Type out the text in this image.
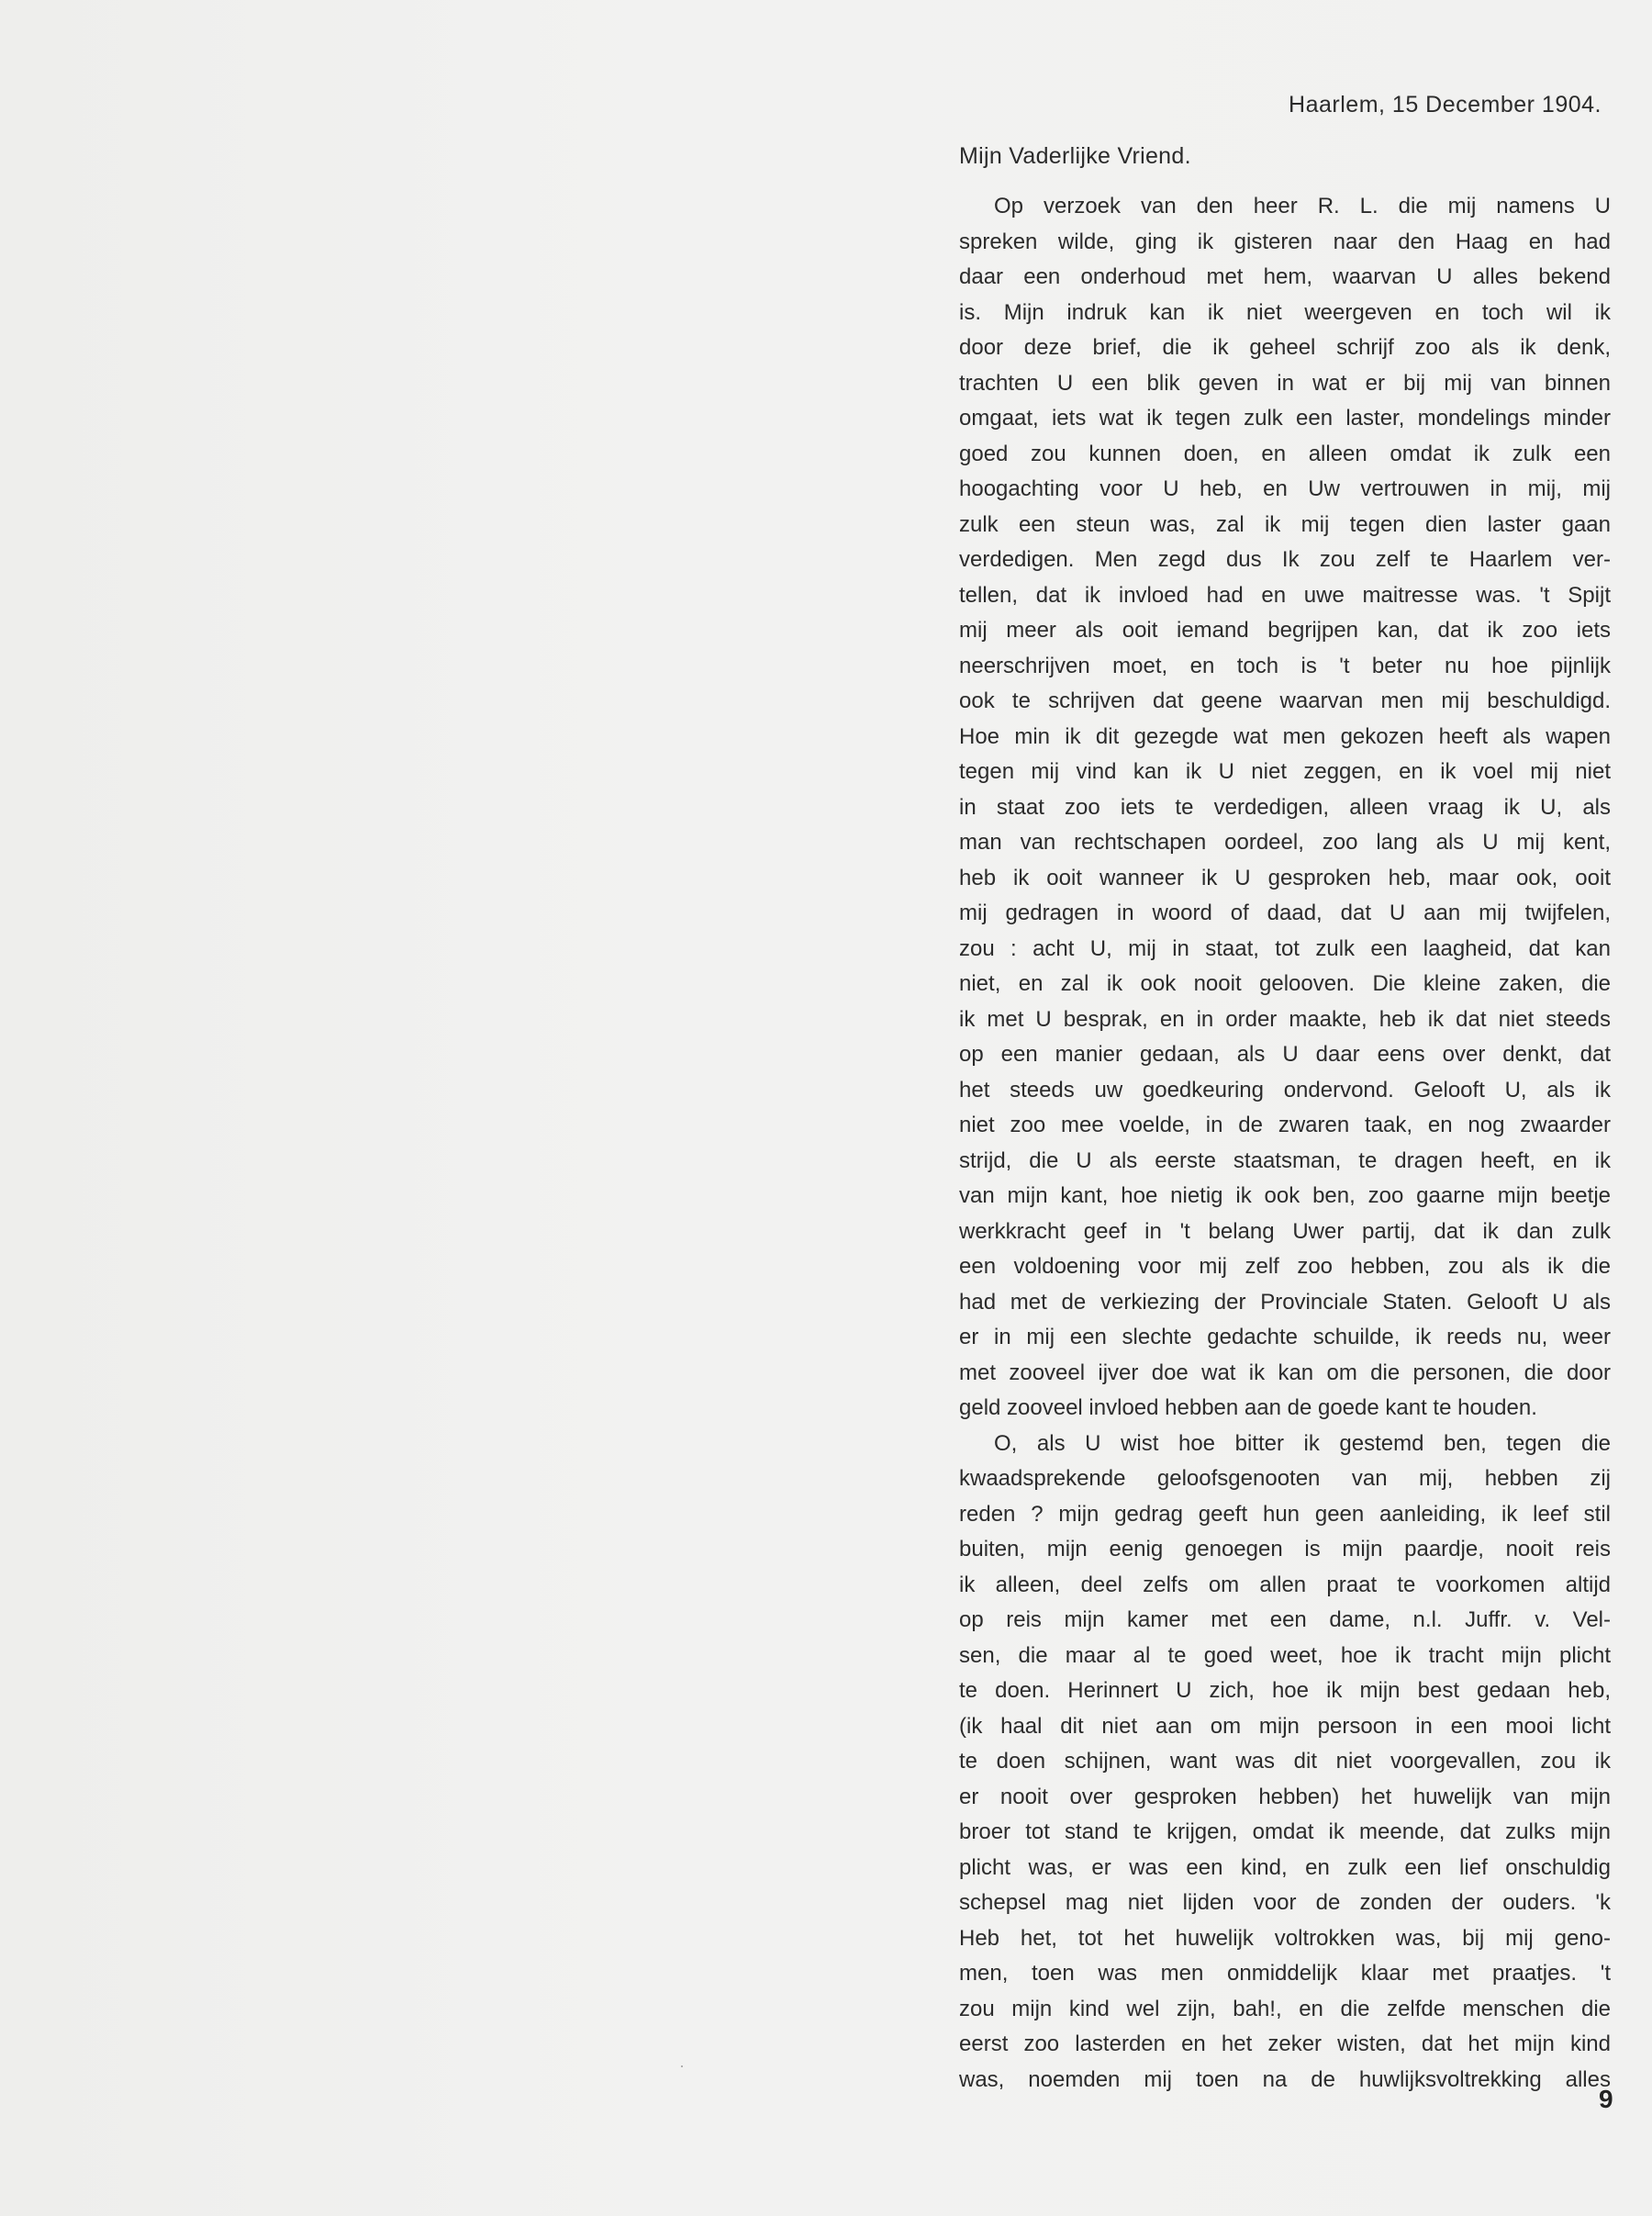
Haarlem, 15 December 1904.
Mijn Vaderlijke Vriend.
Op verzoek van den heer R. L. die mij namens U
spreken wilde, ging ik gisteren naar den Haag en had
daar een onderhoud met hem, waarvan U alles bekend
is. Mijn indruk kan ik niet weergeven en toch wil ik
door deze brief, die ik geheel schrijf zoo als ik denk,
trachten U een blik geven in wat er bij mij van binnen
omgaat, iets wat ik tegen zulk een laster, mondelings minder
goed zou kunnen doen, en alleen omdat ik zulk een
hoogachting voor U heb, en Uw vertrouwen in mij, mij
zulk een steun was, zal ik mij tegen dien laster gaan
verdedigen. Men zegd dus Ik zou zelf te Haarlem ver-
tellen, dat ik invloed had en uwe maitresse was. 't Spijt
mij meer als ooit iemand begrijpen kan, dat ik zoo iets
neerschrijven moet, en toch is 't beter nu hoe pijnlijk
ook te schrijven dat geene waarvan men mij beschuldigd.
Hoe min ik dit gezegde wat men gekozen heeft als wapen
tegen mij vind kan ik U niet zeggen, en ik voel mij niet
in staat zoo iets te verdedigen, alleen vraag ik U, als
man van rechtschapen oordeel, zoo lang als U mij kent,
heb ik ooit wanneer ik U gesproken heb, maar ook, ooit
mij gedragen in woord of daad, dat U aan mij twijfelen,
zou : acht U, mij in staat, tot zulk een laagheid, dat kan
niet, en zal ik ook nooit gelooven. Die kleine zaken, die
ik met U besprak, en in order maakte, heb ik dat niet steeds
op een manier gedaan, als U daar eens over denkt, dat
het steeds uw goedkeuring ondervond. Gelooft U, als ik
niet zoo mee voelde, in de zwaren taak, en nog zwaarder
strijd, die U als eerste staatsman, te dragen heeft, en ik
van mijn kant, hoe nietig ik ook ben, zoo gaarne mijn beetje
werkkracht geef in 't belang Uwer partij, dat ik dan zulk
een voldoening voor mij zelf zoo hebben, zou als ik die
had met de verkiezing der Provinciale Staten. Gelooft U als
er in mij een slechte gedachte schuilde, ik reeds nu, weer
met zooveel ijver doe wat ik kan om die personen, die door
geld zooveel invloed hebben aan de goede kant te houden.
O, als U wist hoe bitter ik gestemd ben, tegen die
kwaadsprekende geloofsgenooten van mij, hebben zij
reden ? mijn gedrag geeft hun geen aanleiding, ik leef stil
buiten, mijn eenig genoegen is mijn paardje, nooit reis
ik alleen, deel zelfs om allen praat te voorkomen altijd
op reis mijn kamer met een dame, n.l. Juffr. v. Vel-
sen, die maar al te goed weet, hoe ik tracht mijn plicht
te doen. Herinnert U zich, hoe ik mijn best gedaan heb,
(ik haal dit niet aan om mijn persoon in een mooi licht
te doen schijnen, want was dit niet voorgevallen, zou ik
er nooit over gesproken hebben) het huwelijk van mijn
broer tot stand te krijgen, omdat ik meende, dat zulks mijn
plicht was, er was een kind, en zulk een lief onschuldig
schepsel mag niet lijden voor de zonden der ouders. 'k
Heb het, tot het huwelijk voltrokken was, bij mij geno-
men, toen was men onmiddelijk klaar met praatjes. 't
zou mijn kind wel zijn, bah!, en die zelfde menschen die
eerst zoo lasterden en het zeker wisten, dat het mijn kind
was, noemden mij toen na de huwlijksvoltrekking alles
9
